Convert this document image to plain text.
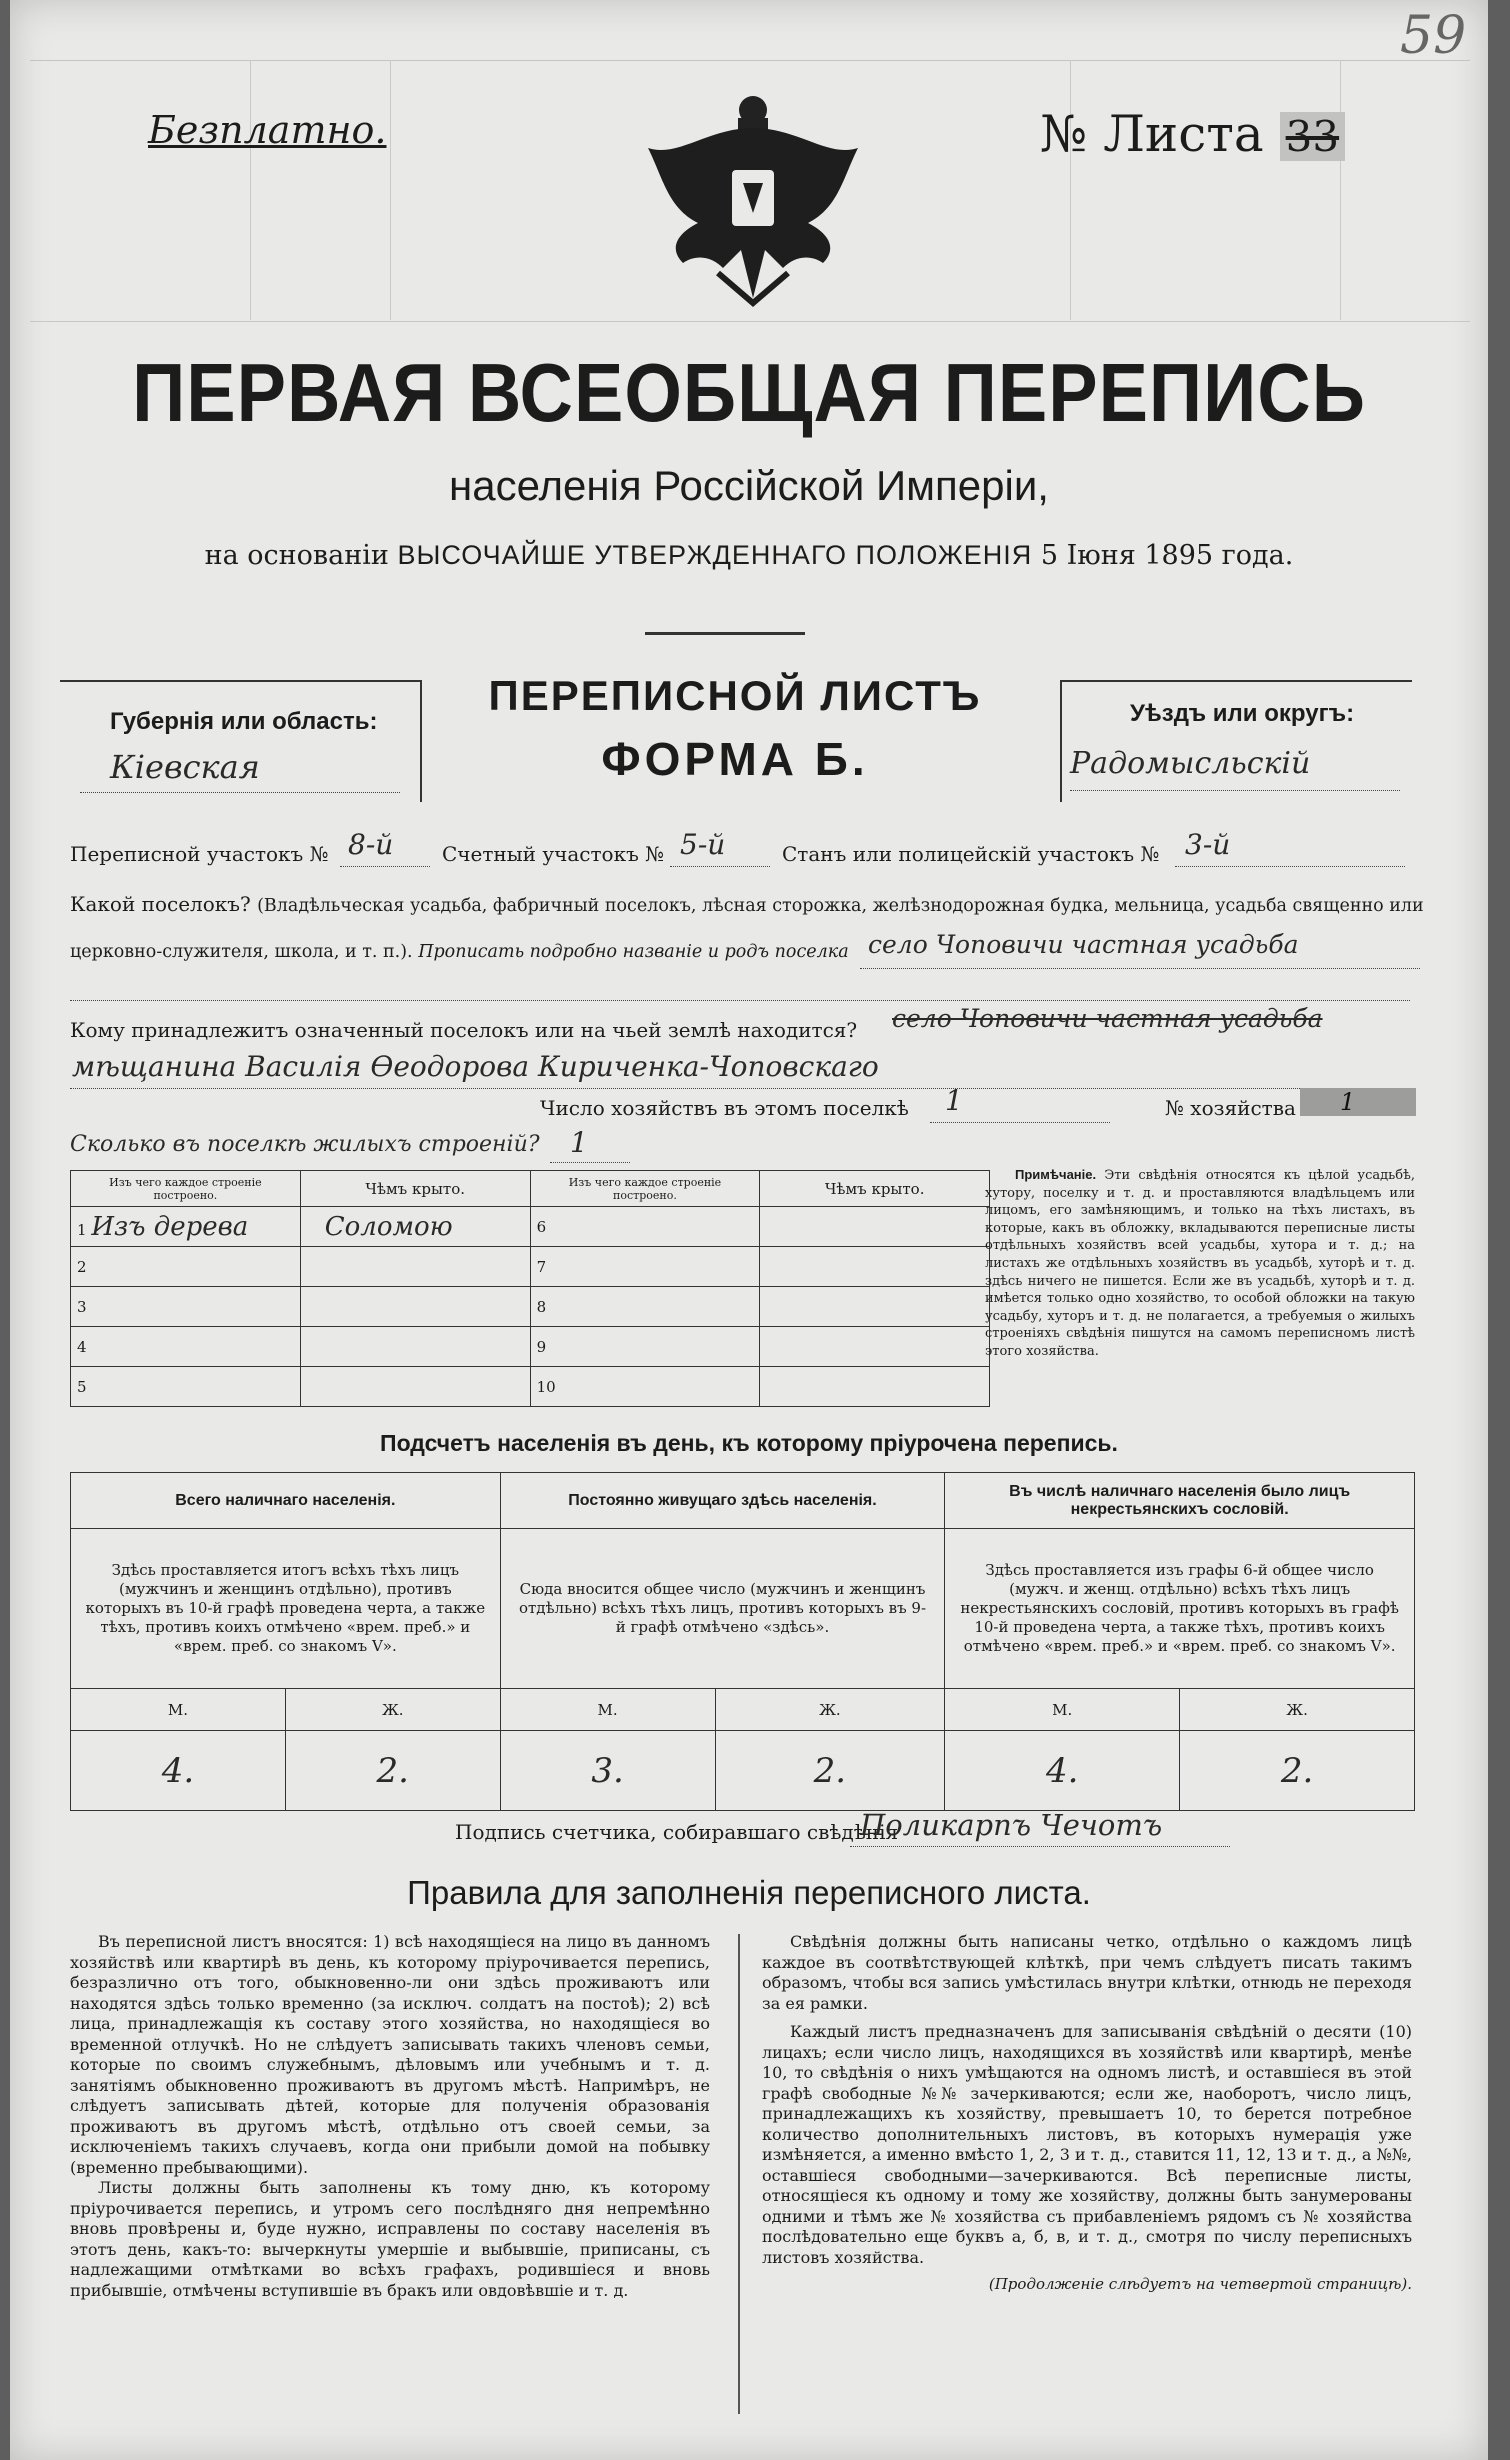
59
Безплатно.	№ Листа 33
ПЕРВАЯ ВСЕОБЩАЯ ПЕРЕПИСЬ
населенія Россійской Имперіи,
на основаніи ВЫСОЧАЙШЕ УТВЕРЖДЕННАГО ПОЛОЖЕНІЯ 5 Іюня 1895 года.
Губернія или область:
Кіевская
ПЕРЕПИСНОЙ ЛИСТЪ
ФОРМА Б.
Уѣздъ или округъ:
Радомысльскій
Переписной участокъ № 8-й Счетный участокъ № 5-й	Станъ или полицейскій участокъ № 3-й
Какой поселокъ? (Владѣльческая усадьба, фабричный поселокъ, лѣсная сторожка, желѣзнодорожная будка, мельница, усадьба священно или
церковно-служителя, школа, и т. п.). Прописать подробно названіе и родъ поселка село Чоповичи частная усадьба
Кому принадлежитъ означенный поселокъ или на чьей землѣ находится? село Чоповичи частная усадьба
мѣщанина Василія Ѳеодорова Кириченка-Чоповскаго
Число хозяйствъ въ этомъ поселкѣ 1	№ хозяйства	1
Сколько въ поселкѣ жилыхъ строеній? 1
Изъ чего каждое строеніе построено.	Чѣмъ крыто.	Изъ чего каждое строеніе построено.	Чѣмъ крыто.
1 Изъ дерева	Соломою	6	
2		7	
3		8	
4		9	
5		10	
Примѣчаніе. Эти свѣдѣнія относятся къ цѣлой усадьбѣ, хутору, поселку и т. д. и проставляются владѣльцемъ или лицомъ, его замѣняющимъ, и только на тѣхъ листахъ, въ которые, какъ въ обложку, вкладываются переписные листы отдѣльныхъ хозяйствъ всей усадьбы, хутора и т. д.; на листахъ же отдѣльныхъ хозяйствъ въ усадьбѣ, хуторѣ и т. д. здѣсь ничего не пишется. Если же въ усадьбѣ, хуторѣ и т. д. имѣется только одно хозяйство, то особой обложки на такую усадьбу, хуторъ и т. д. не полагается, а требуемыя о жилыхъ строеніяхъ свѣдѣнія пишутся на самомъ переписномъ листѣ этого хозяйства.
Подсчетъ населенія въ день, къ которому пріурочена перепись.
Всего наличнаго населенія.		Постоянно живущаго здѣсь населенія.		Въ числѣ наличнаго населенія было лицъ некрестьянскихъ сословій.	
Здѣсь проставляется итогъ всѣхъ тѣхъ лицъ (мужчинъ и женщинъ отдѣльно), противъ которыхъ въ 10-й графѣ проведена черта, а также тѣхъ, противъ коихъ отмѣчено «врем. преб.» и «врем. преб. со знакомъ V».		Сюда вносится общее число (мужчинъ и женщинъ отдѣльно) всѣхъ тѣхъ лицъ, противъ которыхъ въ 9-й графѣ отмѣчено «здѣсь».		Здѣсь проставляется изъ графы 6-й общее число (мужч. и женщ. отдѣльно) всѣхъ тѣхъ лицъ некрестьянскихъ сословій, противъ которыхъ въ графѣ 10-й проведена черта, а также тѣхъ, противъ коихъ отмѣчено «врем. преб.» и «врем. преб. со знакомъ V».	
М.	Ж.	М.	Ж.	М.	Ж.
4.	2.	3.	2.	4.	2.
Подпись счетчика, собиравшаго свѣдѣнія
Поликарпъ Чечотъ
Правила для заполненія переписного листа.

Въ переписной листъ вносятся: 1) всѣ находящіеся на лицо въ данномъ хозяйствѣ или квартирѣ въ день, къ которому пріурочивается перепись, безразлично отъ того, обыкновенно-ли они здѣсь проживаютъ или находятся здѣсь только временно (за исключ. солдатъ на постоѣ); 2) всѣ лица, принадлежащія къ составу этого хозяйства, но находящіеся во временной отлучкѣ. Но не слѣдуетъ записывать такихъ членовъ семьи, которые по своимъ служебнымъ, дѣловымъ или учебнымъ и т. д. занятіямъ обыкновенно проживаютъ въ другомъ мѣстѣ. Напримѣръ, не слѣдуетъ записывать дѣтей, которые для полученія образованія проживаютъ въ другомъ мѣстѣ, отдѣльно отъ своей семьи, за исключеніемъ такихъ случаевъ, когда они прибыли домой на побывку (временно пребывающими).

Листы должны быть заполнены къ тому дню, къ которому пріурочивается перепись, и утромъ сего послѣдняго дня непремѣнно вновь провѣрены и, буде нужно, исправлены по составу населенія въ этотъ день, какъ-то: вычеркнуты умершіе и выбывшіе, приписаны, съ надлежащими отмѣтками во всѣхъ графахъ, родившіеся и вновь прибывшіе, отмѣчены вступившіе въ бракъ или овдовѣвшіе и т. д.

Свѣдѣнія должны быть написаны четко, отдѣльно о каждомъ лицѣ каждое въ соотвѣтствующей клѣткѣ, при чемъ слѣдуетъ писать такимъ образомъ, чтобы вся запись умѣстилась внутри клѣтки, отнюдь не переходя за ея рамки.

Каждый листъ предназначенъ для записыванія свѣдѣній о десяти (10) лицахъ; если число лицъ, находящихся въ хозяйствѣ или квартирѣ, менѣе 10, то свѣдѣнія о нихъ умѣщаются на одномъ листѣ, и оставшіеся въ этой графѣ свободные №№ зачеркиваются; если же, наоборотъ, число лицъ, принадлежащихъ къ хозяйству, превышаетъ 10, то берется потребное количество дополнительныхъ листовъ, въ которыхъ нумерація уже измѣняется, а именно вмѣсто 1, 2, 3 и т. д., ставится 11, 12, 13 и т. д., а №№, оставшіеся свободными—зачеркиваются. Всѣ переписные листы, относящіеся къ одному и тому же хозяйству, должны быть занумерованы одними и тѣмъ же № хозяйства съ прибавленіемъ рядомъ съ № хозяйства послѣдовательно еще буквъ а, б, в, и т. д., смотря по числу переписныхъ листовъ хозяйства.

(Продолженіе слѣдуетъ на четвертой страницѣ).
